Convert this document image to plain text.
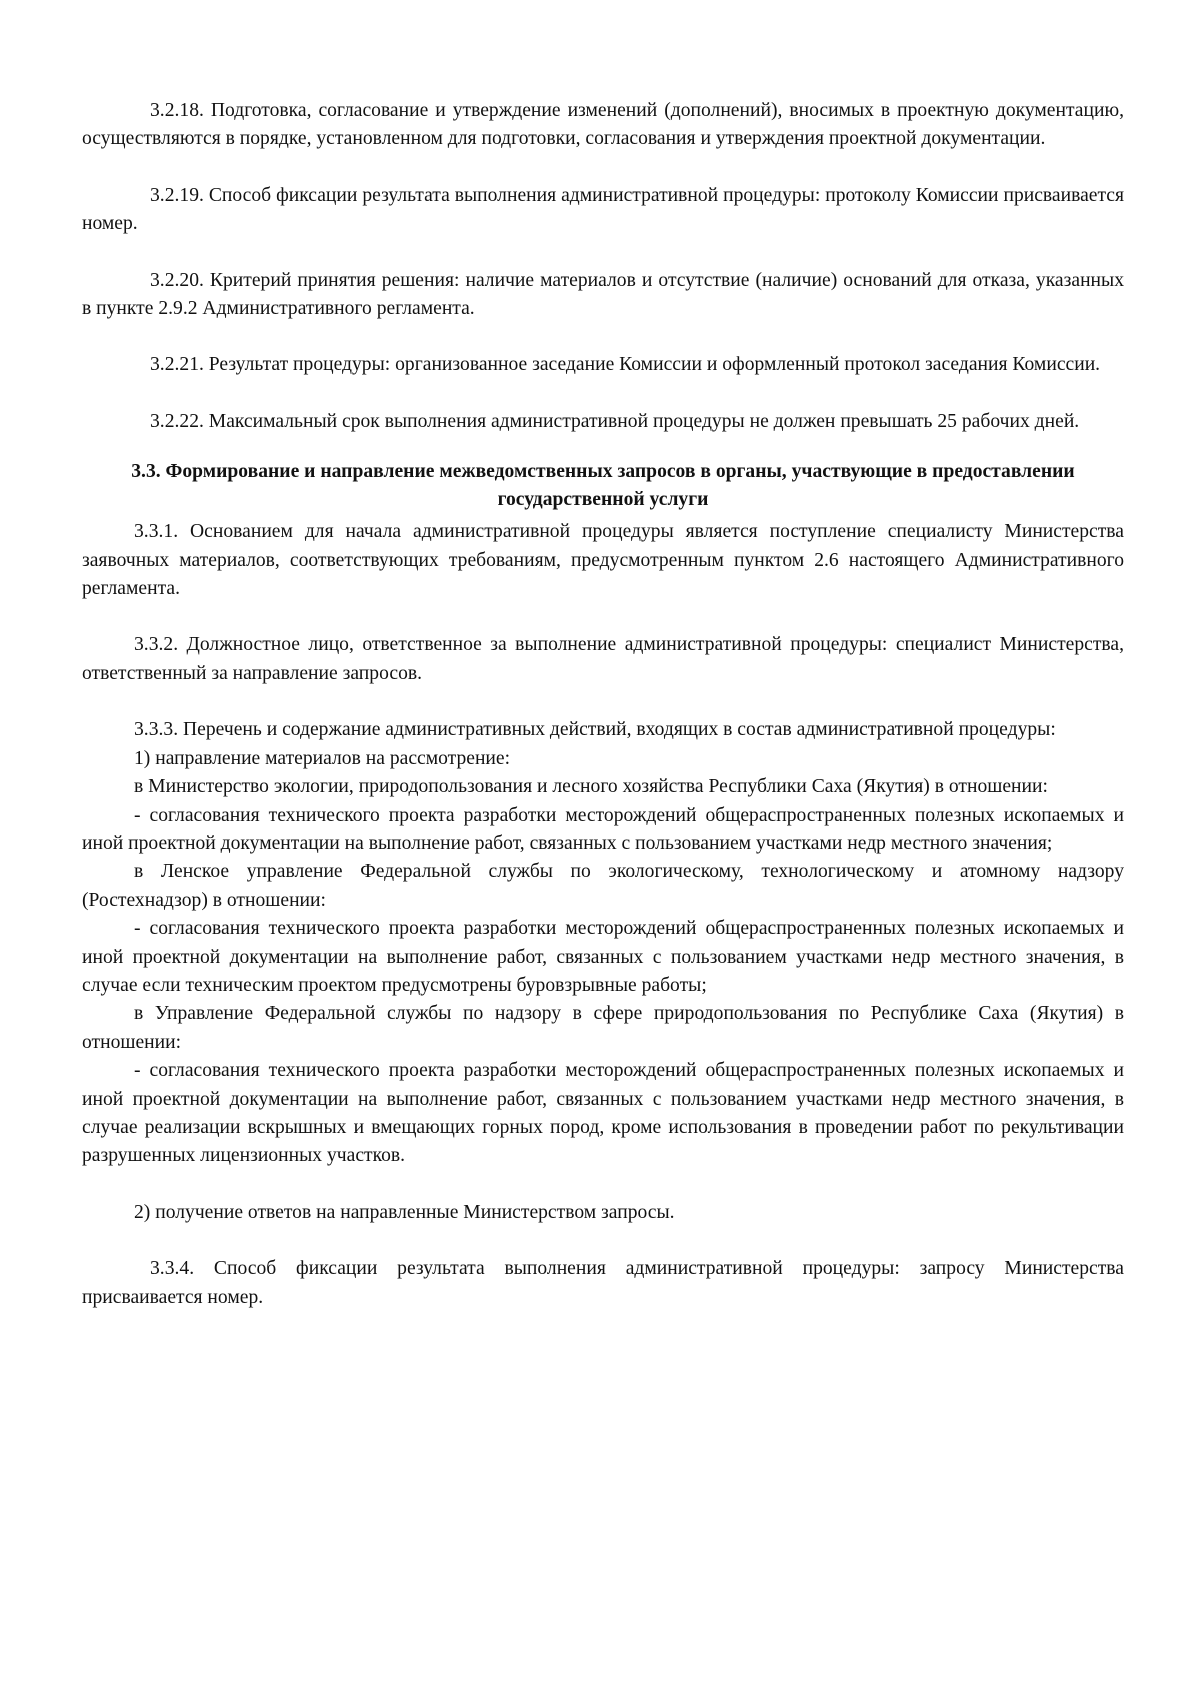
3.2.18. Подготовка, согласование и утверждение изменений (дополнений), вносимых в проектную документацию, осуществляются в порядке, установленном для подготовки, согласования и утверждения проектной документации.

3.2.19. Способ фиксации результата выполнения административной процедуры: протоколу Комиссии присваивается номер.

3.2.20. Критерий принятия решения: наличие материалов и отсутствие (наличие) оснований для отказа, указанных в пункте 2.9.2 Административного регламента.

3.2.21. Результат процедуры: организованное заседание Комиссии и оформленный протокол заседания Комиссии.

3.2.22. Максимальный срок выполнения административной процедуры не должен превышать 25 рабочих дней.

3.3. Формирование и направление межведомственных запросов в органы, участвующие в предоставлении государственной услуги

3.3.1. Основанием для начала административной процедуры является поступление специалисту Министерства заявочных материалов, соответствующих требованиям, предусмотренным пунктом 2.6 настоящего Административного регламента.

3.3.2. Должностное лицо, ответственное за выполнение административной процедуры: специалист Министерства, ответственный за направление запросов.

3.3.3. Перечень и содержание административных действий, входящих в состав административной процедуры:

1) направление материалов на рассмотрение:

в Министерство экологии, природопользования и лесного хозяйства Республики Саха (Якутия) в отношении:

- согласования технического проекта разработки месторождений общераспространенных полезных ископаемых и иной проектной документации на выполнение работ, связанных с пользованием участками недр местного значения;

в Ленское управление Федеральной службы по экологическому, технологическому и атомному надзору (Ростехнадзор) в отношении:

- согласования технического проекта разработки месторождений общераспространенных полезных ископаемых и иной проектной документации на выполнение работ, связанных с пользованием участками недр местного значения, в случае если техническим проектом предусмотрены буровзрывные работы;

в Управление Федеральной службы по надзору в сфере природопользования по Республике Саха (Якутия) в отношении:

- согласования технического проекта разработки месторождений общераспространенных полезных ископаемых и иной проектной документации на выполнение работ, связанных с пользованием участками недр местного значения, в случае реализации вскрышных и вмещающих горных пород, кроме использования в проведении работ по рекультивации разрушенных лицензионных участков.

2) получение ответов на направленные Министерством запросы.

3.3.4. Способ фиксации результата выполнения административной процедуры: запросу Министерства присваивается номер.
